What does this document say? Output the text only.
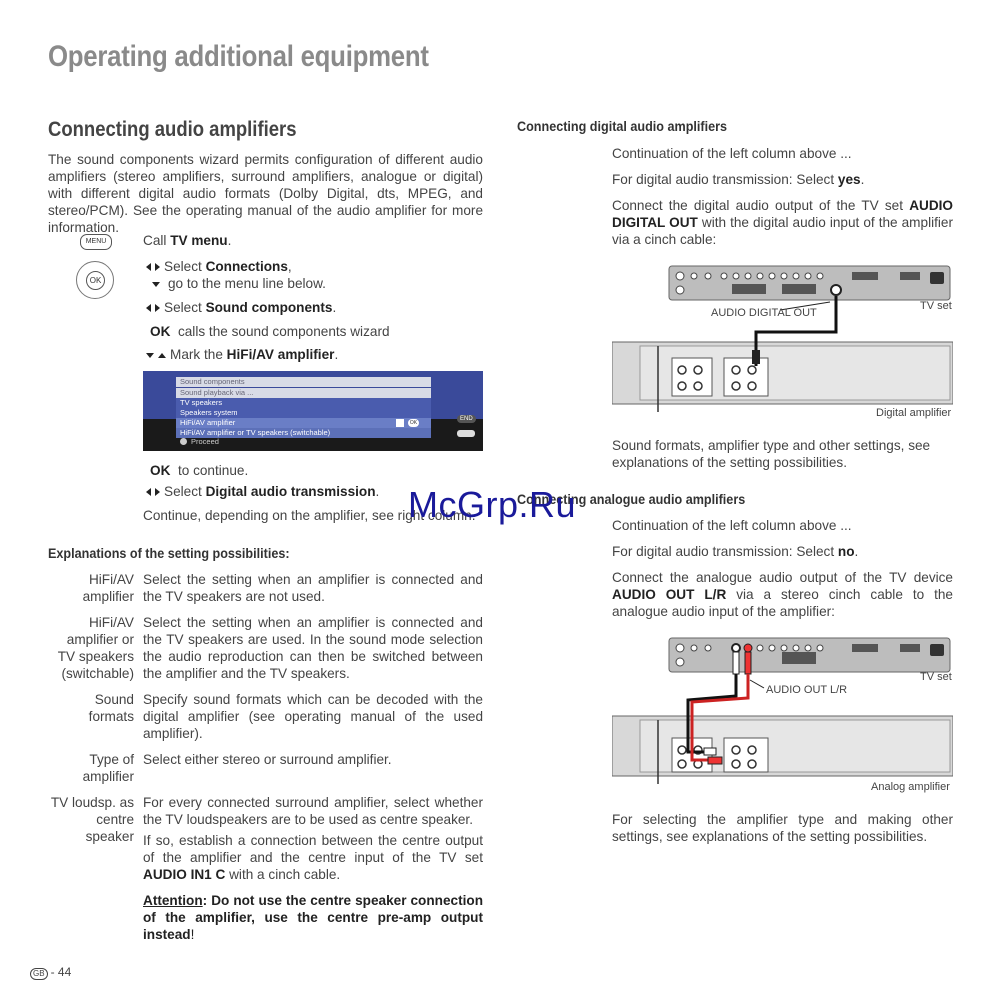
Operating additional equipment
Connecting audio amplifiers
The sound components wizard permits configuration of different audio amplifiers (stereo amplifiers, surround amplifiers, analogue or digital) with different digital audio formats (Dolby Digital, dts, MPEG, and stereo/PCM). See the operating manual of the audio amplifier for more information.
MENU
OK
Call TV menu.
Select Connections,
go to the menu line below.
Select Sound components.
OK calls the sound components wizard
Mark the HiFi/AV amplifier.
Sound components
Sound playback via ...
TV speakers
Speakers system
HiFi/AV amplifier
HiFi/AV amplifier or TV speakers (switchable)
OK
Proceed
END
OK to continue.
Select Digital audio transmission.
Continue, depending on the amplifier, see right column.
Explanations of the setting possibilities:
HiFi/AV amplifier
Select the setting when an amplifier is connected and the TV speakers are not used.
HiFi/AV amplifier or TV speakers (switchable)
Select the setting when an amplifier is connected and the TV speakers are used. In the sound mode selection the audio reproduction can then be switched between the amplifier and the TV speakers.
Sound formats
Specify sound formats which can be decoded with the digital amplifier (see operating manual of the used amplifier).
Type of amplifier
Select either stereo or surround amplifier.
TV loudsp. as centre speaker
For every connected surround amplifier, select whether the TV loudspeakers are to be used as centre speaker.
If so, establish a connection between the centre output of the amplifier and the centre input of the TV set AUDIO IN1 C with a cinch cable.
Attention: Do not use the centre speaker connection of the amplifier, use the centre pre-amp output instead!
Connecting digital audio amplifiers
Continuation of the left column above ...
For digital audio transmission: Select yes.
Connect the digital audio output of the TV set AUDIO DIGITAL OUT with the digital audio input of the amplifier via a cinch cable:
AUDIO DIGITAL OUT
TV set
Digital amplifier
Sound formats, amplifier type and other settings, see explanations of the setting possibilities.
Connecting analogue audio amplifiers
Continuation of the left column above ...
For digital audio transmission: Select no.
Connect the analogue audio output of the TV device AUDIO OUT L/R via a stereo cinch cable to the analogue audio input of the amplifier:
AUDIO OUT L/R
TV set
Analog amplifier
For selecting the amplifier type and making other settings, see explanations of the setting possibilities.
McGrp.Ru
GB - 44
